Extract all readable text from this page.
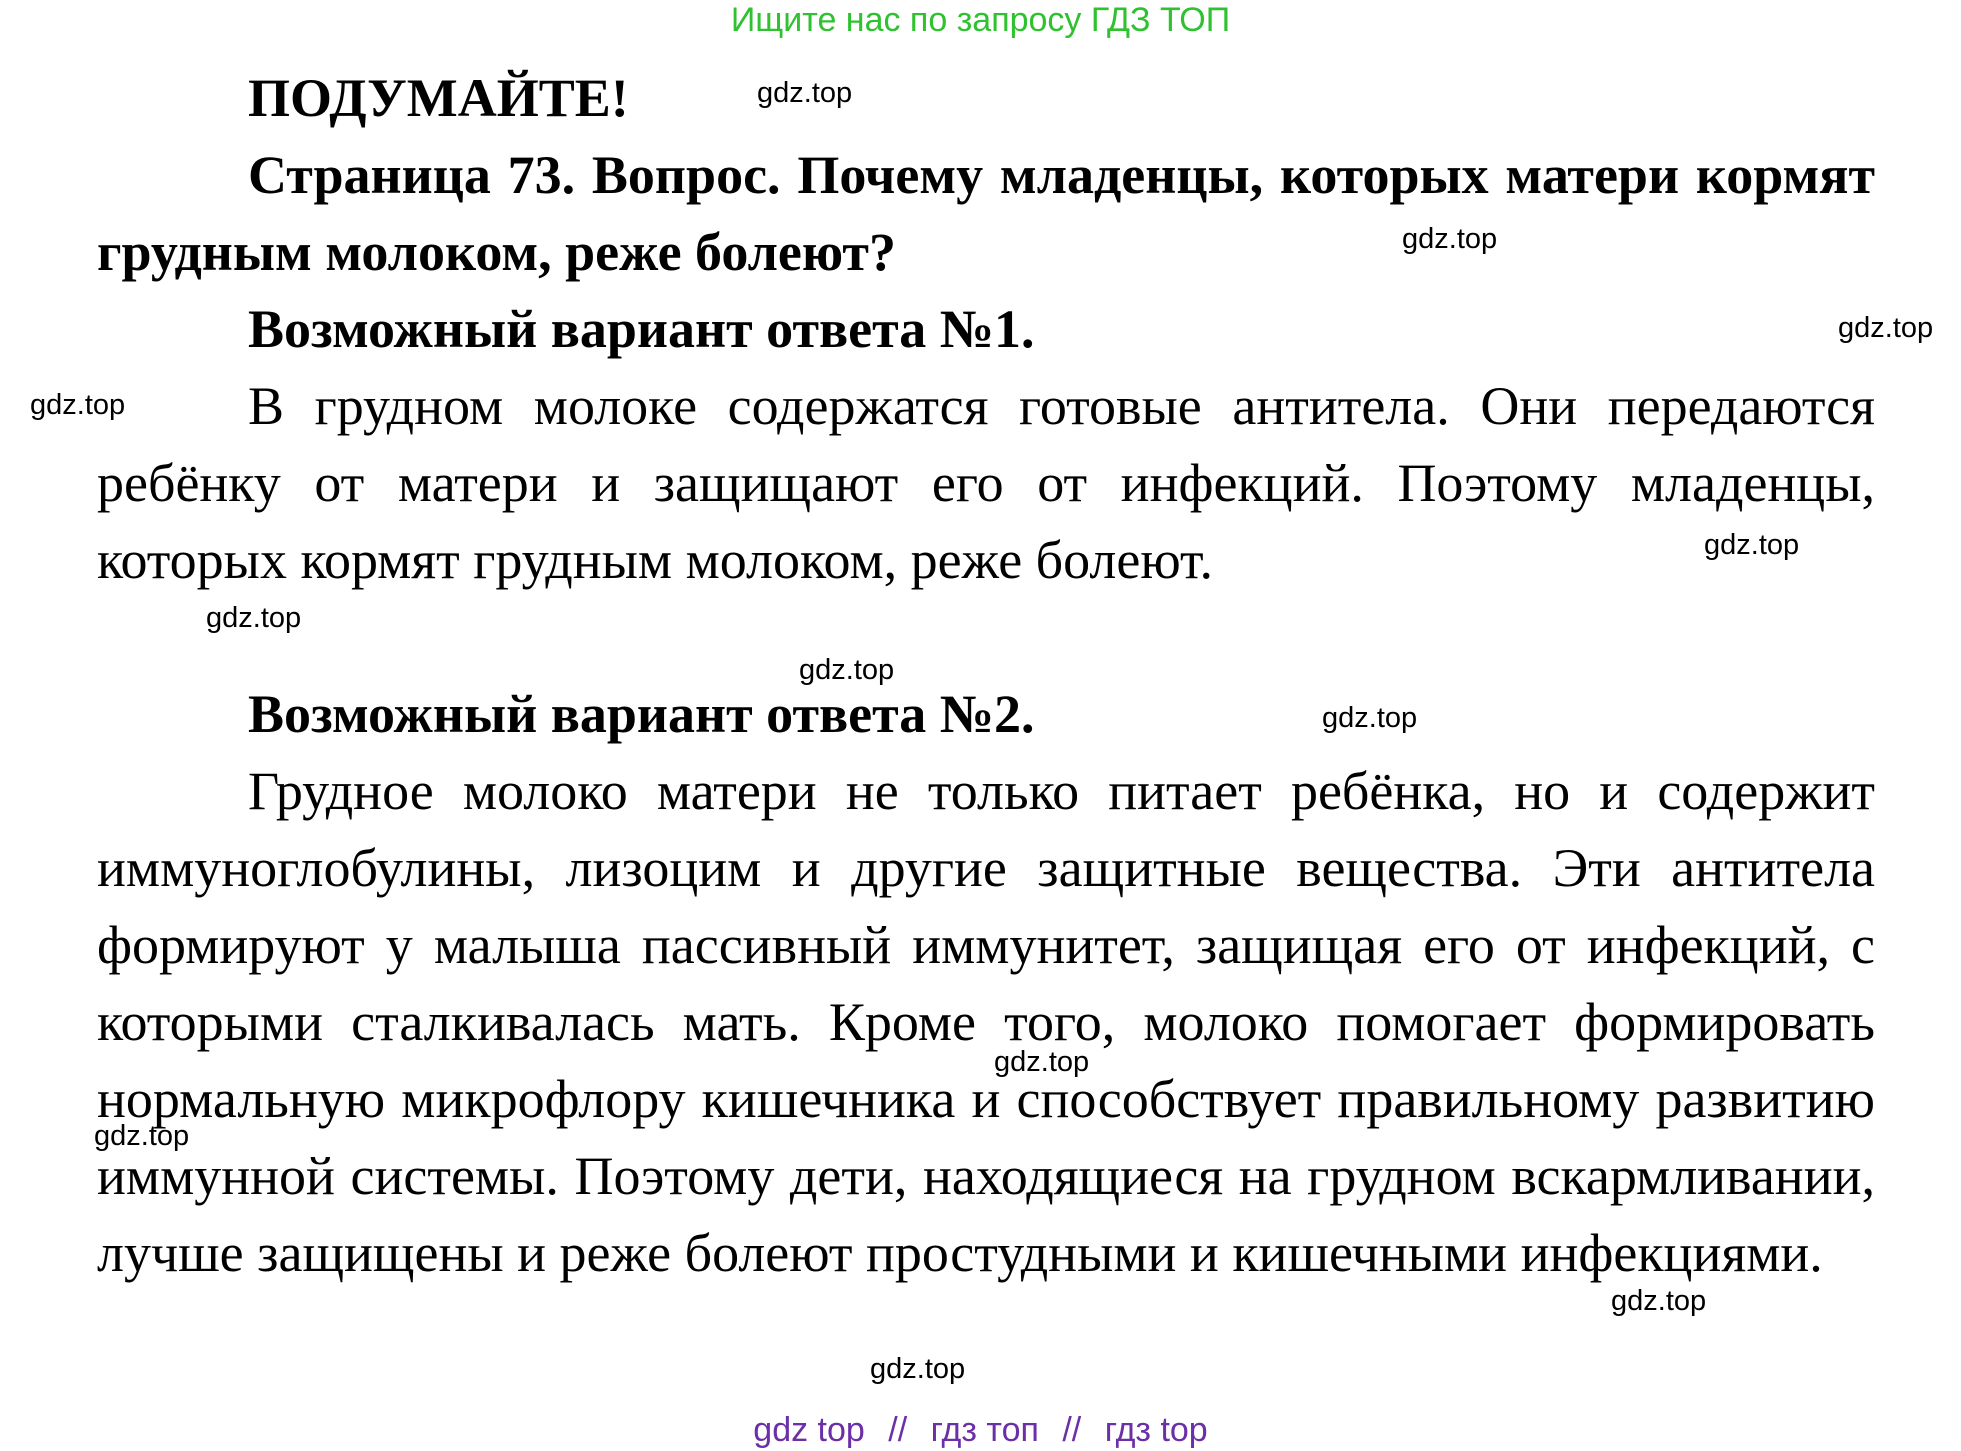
Ищите нас по запросу ГДЗ ТОП

ПОДУМАЙТЕ!

Страница 73. Вопрос. Почему младенцы, которых матери кормят грудным молоком, реже болеют?

Возможный вариант ответа №1.

В грудном молоке содержатся готовые антитела. Они передаются ребёнку от матери и защищают его от инфекций. Поэтому младенцы, которых кормят грудным молоком, реже болеют.

Возможный вариант ответа №2.

Грудное молоко матери не только питает ребёнка, но и содержит иммуноглобулины, лизоцим и другие защитные вещества. Эти антитела формируют у малыша пассивный иммунитет, защищая его от инфекций, с которыми сталкивалась мать. Кроме того, молоко помогает формировать нормальную микрофлору кишечника и способствует правильному развитию иммунной системы. Поэтому дети, находящиеся на грудном вскармливании, лучше защищены и реже болеют простудными и кишечными инфекциями.

gdz.top
gdz.top
gdz.top
gdz.top
gdz.top
gdz.top
gdz.top
gdz.top
gdz.top
gdz.top
gdz.top
gdz.top
gdz top // гдз топ // гдз top
